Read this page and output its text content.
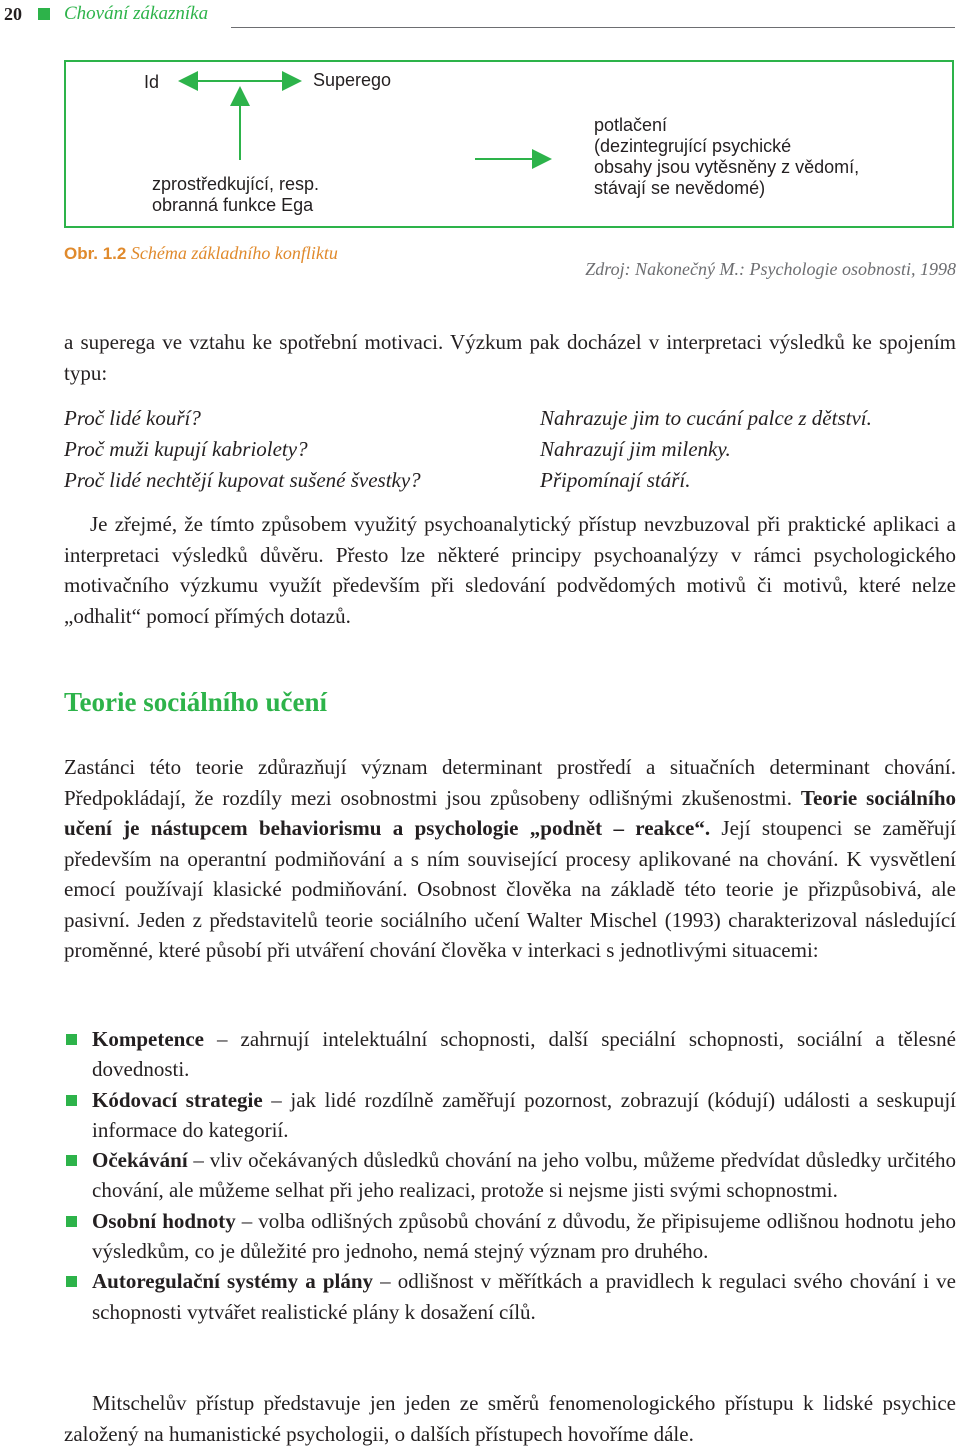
20 Chování zákazníka
Id	Superego
zprostředkující, resp.
obranná funkce Ega
potlačení
(dezintegrující psychické
obsahy jsou vytěsněny z vědomí,
stávají se nevědomé)
Obr. 1.2 Schéma základního konfliktu
Zdroj: Nakonečný M.: Psychologie osobnosti, 1998
a superega ve vztahu ke spotřební motivaci. Výzkum pak docházel v interpretaci výsledků ke spojením typu:
Proč lidé kouří?
Proč muži kupují kabriolety?
Proč lidé nechtějí kupovat sušené švestky?
Nahrazuje jim to cucání palce z dětství.
Nahrazují jim milenky.
Připomínají stáří.
Je zřejmé, že tímto způsobem využitý psychoanalytický přístup nevzbuzoval při praktické aplikaci a interpretaci výsledků důvěru. Přesto lze některé principy psychoanalýzy v rámci psychologického motivačního výzkumu využít především při sledování podvědomých motivů či motivů, které nelze „odhalit“ pomocí přímých dotazů.
Teorie sociálního učení
Zastánci této teorie zdůrazňují význam determinant prostředí a situačních determinant chování. Předpokládají, že rozdíly mezi osobnostmi jsou způsobeny odlišnými zkušenostmi. Teorie sociálního učení je nástupcem behaviorismu a psychologie „podnět – reakce“. Její stoupenci se zaměřují především na operantní podmiňování a s ním související procesy aplikované na chování. K vysvětlení emocí používají klasické podmiňování. Osobnost člověka na základě této teorie je přizpůsobivá, ale pasivní. Jeden z představitelů teorie sociálního učení Walter Mischel (1993) charakterizoval následující proměnné, které působí při utváření chování člověka v interkaci s jednotlivými situacemi:
Kompetence – zahrnují intelektuální schopnosti, další speciální schopnosti, sociální a tělesné dovednosti.
Kódovací strategie – jak lidé rozdílně zaměřují pozornost, zobrazují (kódují) události a seskupují informace do kategorií.
Očekávání – vliv očekávaných důsledků chování na jeho volbu, můžeme předvídat důsledky určitého chování, ale můžeme selhat při jeho realizaci, protože si nejsme jisti svými schopnostmi.
Osobní hodnoty – volba odlišných způsobů chování z důvodu, že připisujeme odlišnou hodnotu jeho výsledkům, co je důležité pro jednoho, nemá stejný význam pro druhého.
Autoregulační systémy a plány – odlišnost v měřítkách a pravidlech k regulaci svého chování i ve schopnosti vytvářet realistické plány k dosažení cílů.
Mitschelův přístup představuje jen jeden ze směrů fenomenologického přístupu k lidské psychice založený na humanistické psychologii, o dalších přístupech hovoříme dále.
